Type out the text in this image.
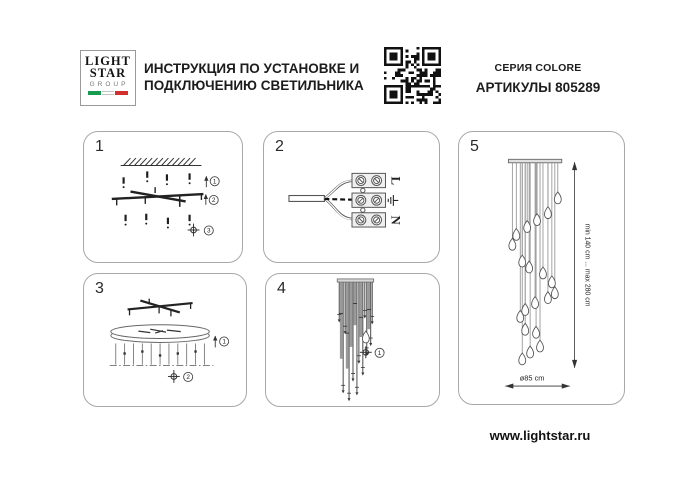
LIGHT
STAR
GROUP
ИНСТРУКЦИЯ ПО УСТАНОВКЕ И
ПОДКЛЮЧЕНИЮ СВЕТИЛЬНИКА
СЕРИЯ COLORE
АРТИКУЛЫ 805289
1
1
2
3
2
L
N
3
1
2
4
1
5
min 140 cm ... max 280 cm
ø85 cm
www.lightstar.ru
